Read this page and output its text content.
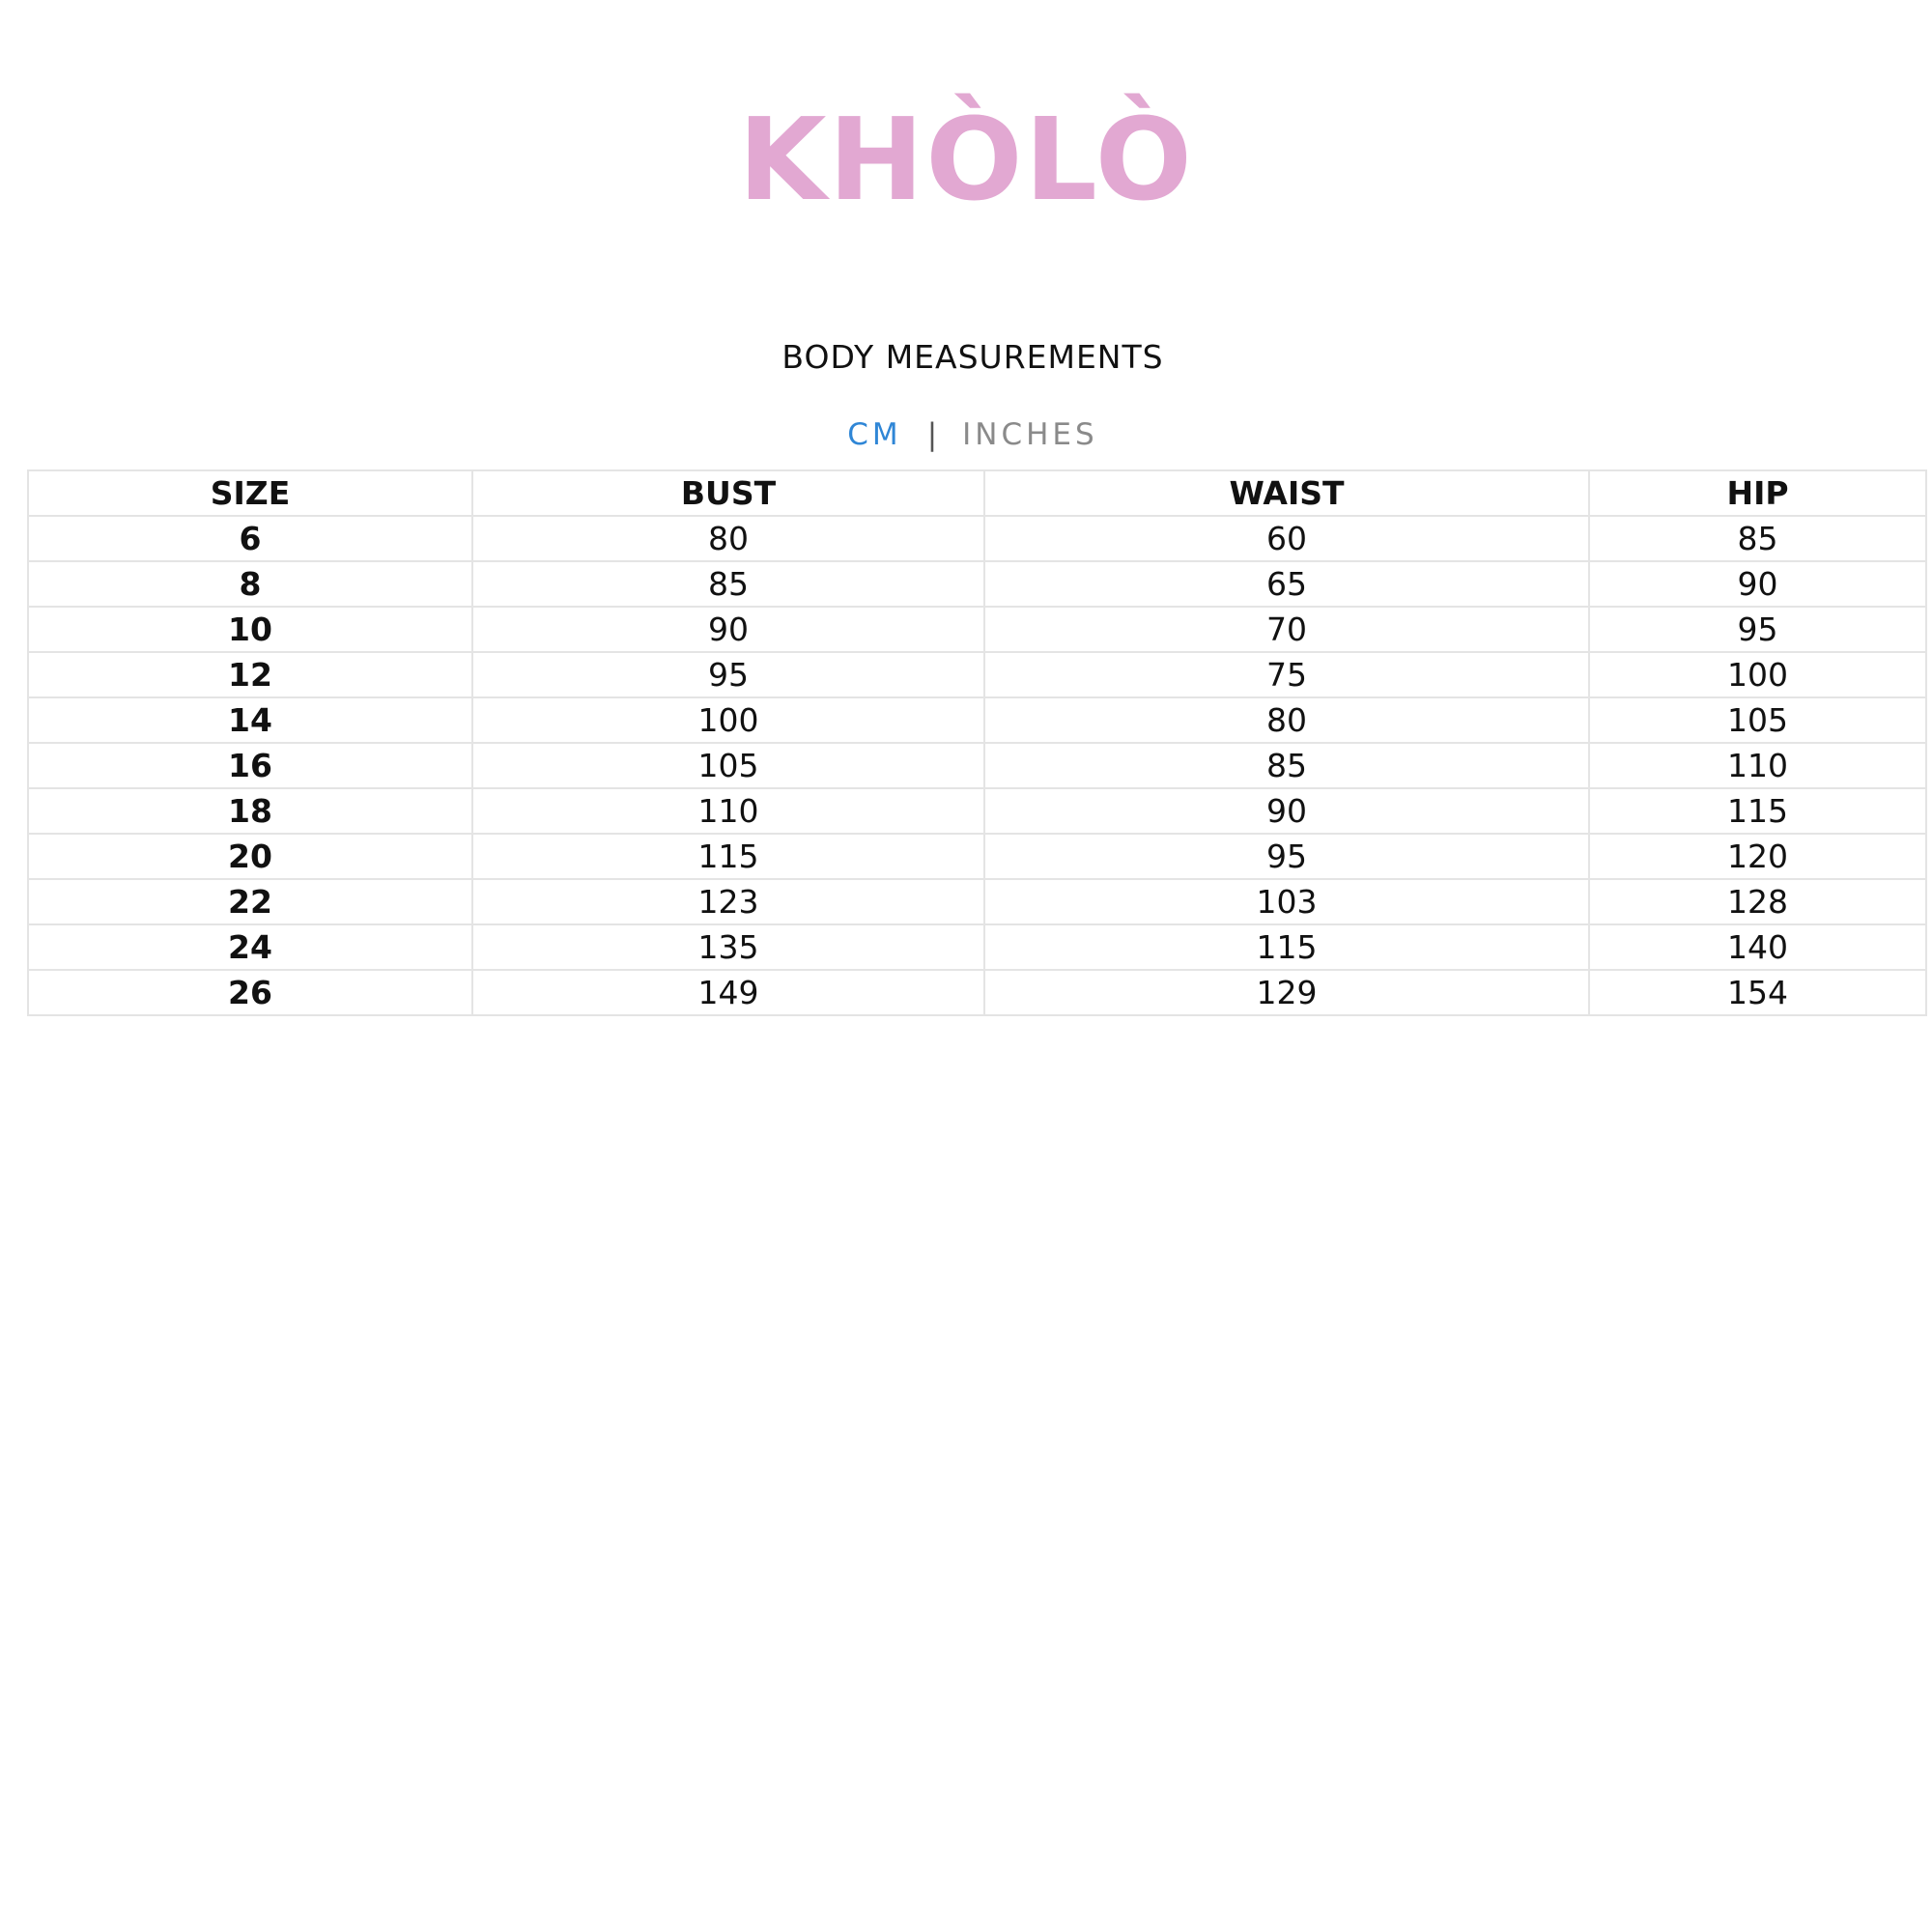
KHÒLÒ
BODY MEASUREMENTS
CM | INCHES
SIZE	BUST	WAIST	HIP
6	80	60	85
8	85	65	90
10	90	70	95
12	95	75	100
14	100	80	105
16	105	85	110
18	110	90	115
20	115	95	120
22	123	103	128
24	135	115	140
26	149	129	154
